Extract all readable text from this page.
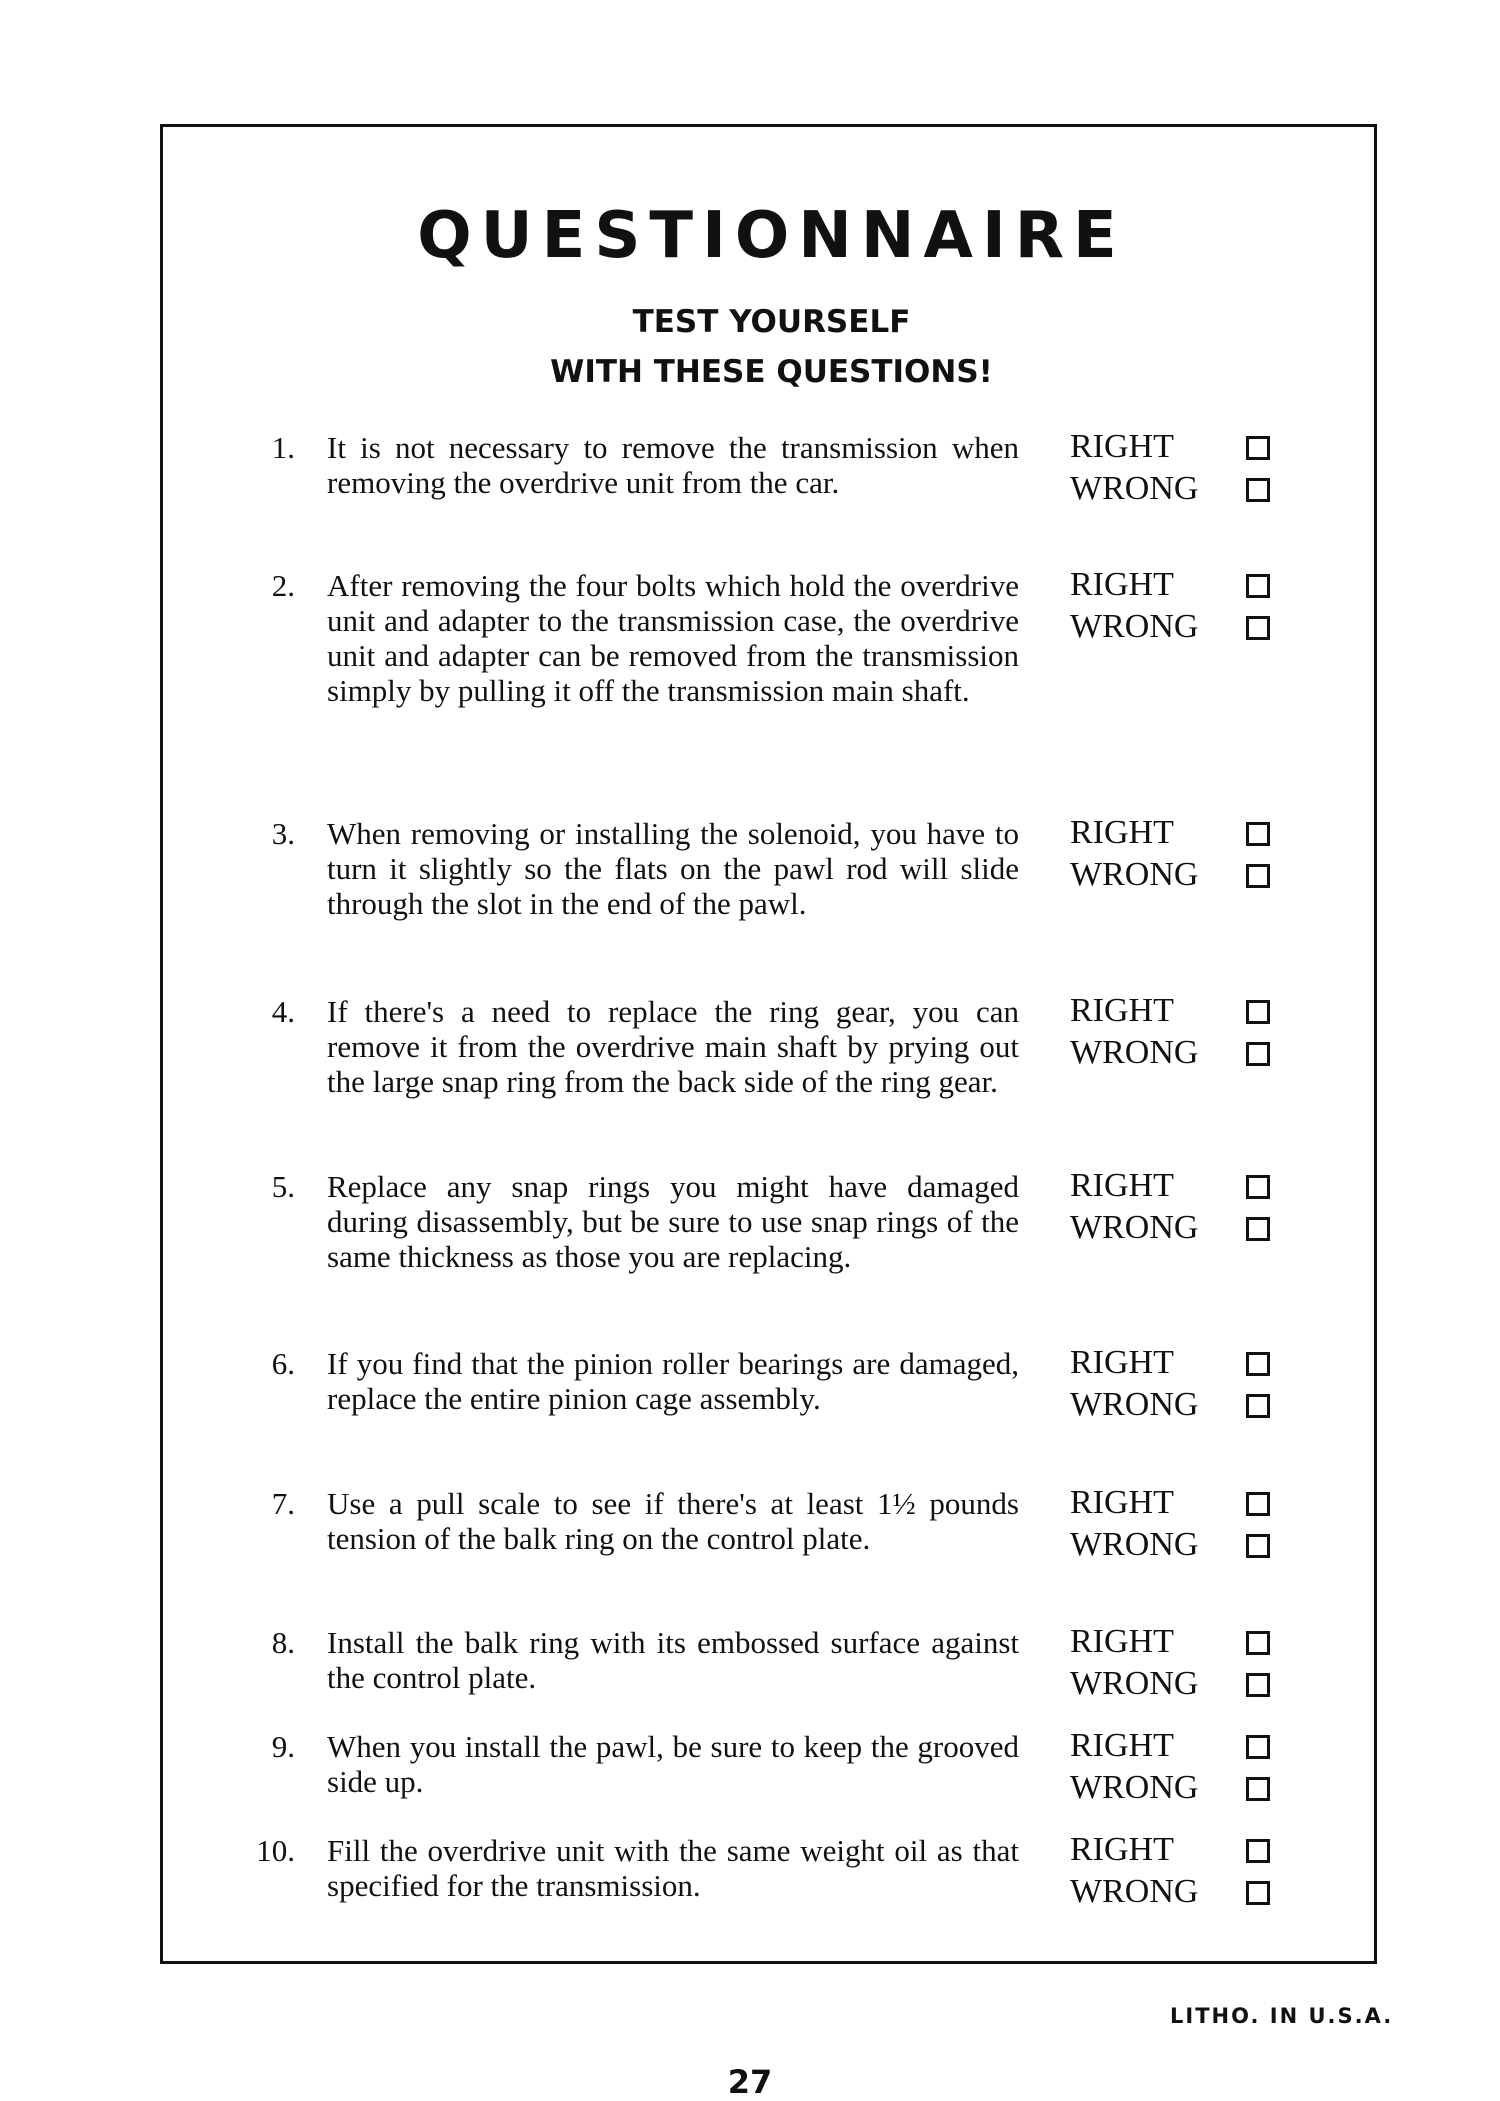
QUESTIONNAIRE
TEST YOURSELF
WITH THESE QUESTIONS!
1. It is not necessary to remove the transmission when removing the overdrive unit from the car.

RIGHT
WRONG
2. After removing the four bolts which hold the overdrive unit and adapter to the transmission case, the overdrive unit and adapter can be removed from the transmission simply by pulling it off the transmission main shaft.

RIGHT
WRONG
3. When removing or installing the solenoid, you have to turn it slightly so the flats on the pawl rod will slide through the slot in the end of the pawl.

RIGHT
WRONG
4. If there's a need to replace the ring gear, you can remove it from the overdrive main shaft by prying out the large snap ring from the back side of the ring gear.

RIGHT
WRONG
5. Replace any snap rings you might have damaged during disassembly, but be sure to use snap rings of the same thickness as those you are replacing.

RIGHT
WRONG
6. If you find that the pinion roller bearings are damaged, replace the entire pinion cage assembly.

RIGHT
WRONG
7. Use a pull scale to see if there's at least 1½ pounds tension of the balk ring on the control plate.

RIGHT
WRONG
8. Install the balk ring with its embossed surface against the control plate.

RIGHT
WRONG
9. When you install the pawl, be sure to keep the grooved side up.

RIGHT
WRONG
10. Fill the overdrive unit with the same weight oil as that specified for the transmission.

RIGHT
WRONG
LITHO. IN U.S.A.
27
